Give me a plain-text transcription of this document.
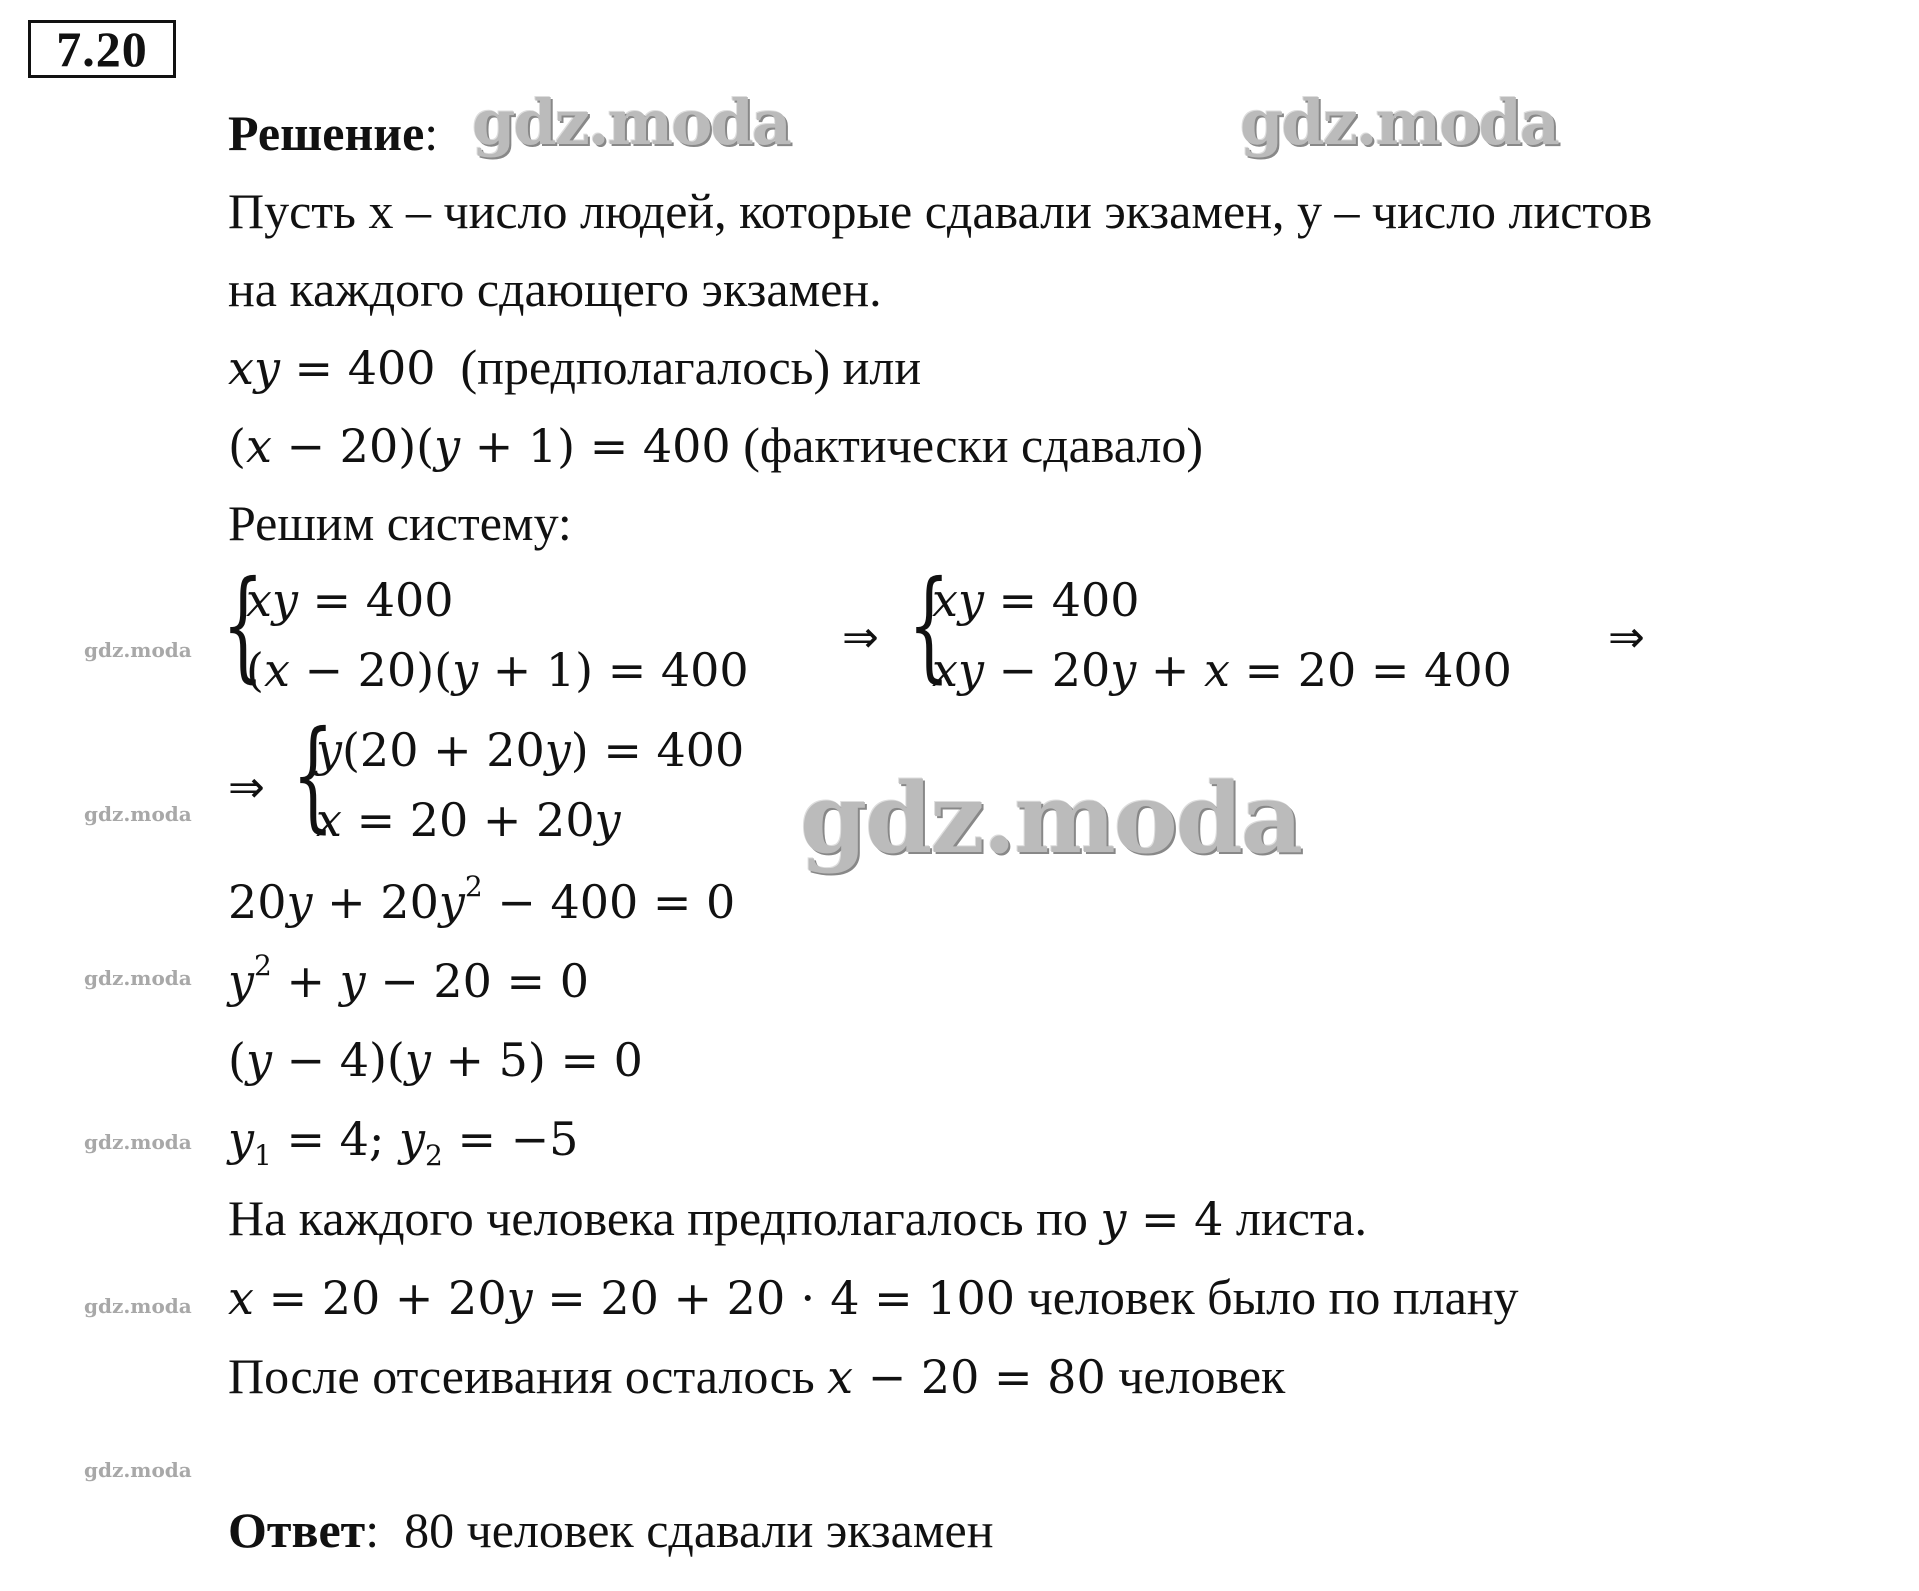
7.20
gdz.moda	gdz.moda
gdz.moda
gdz.moda
gdz.moda
gdz.moda
gdz.moda
gdz.moda
gdz.moda
Решение:
Пусть x – число людей, которые сдавали экзамен, y – число листов
на каждого сдающего экзамен.
𝑥𝑦 = 400 (предполагалось) или
(𝑥 − 20)(𝑦 + 1) = 400 (фактически сдавало)
Решим систему:
{
𝑥𝑦 = 400
(𝑥 − 20)(𝑦 + 1) = 400
⇒ {
𝑥𝑦 = 400
𝑥𝑦 − 20𝑦 + 𝑥 = 20 = 400
⇒
⇒ {
𝑦(20 + 20𝑦) = 400
𝑥 = 20 + 20𝑦
20𝑦 + 20𝑦$^2$ − 400 = 0
𝑦$^2$ + 𝑦 − 20 = 0
(𝑦 − 4)(𝑦 + 5) = 0
𝑦$_1$ = 4; 𝑦$_2$ = −5
На каждого человека предполагалось по 𝑦 = 4 листа.
𝑥 = 20 + 20𝑦 = 20 + 20 ⋅ 4 = 100 человек было по плану
После отсеивания осталось 𝑥 − 20 = 80 человек
Ответ:  80 человек сдавали экзамен
